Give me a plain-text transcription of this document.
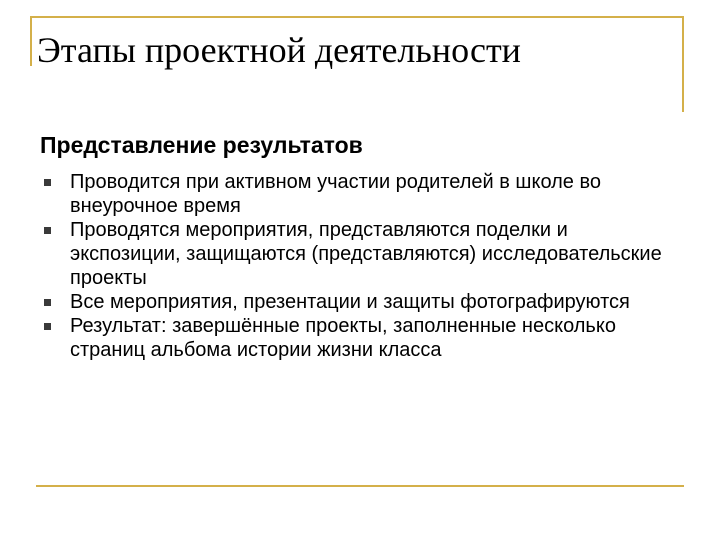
Этапы проектной деятельности
Представление результатов
Проводится при активном участии родителей в школе во внеурочное время
Проводятся мероприятия, представляются поделки и экспозиции, защищаются (представляются) исследовательские проекты
Все мероприятия, презентации и защиты фотографируются
Результат: завершённые проекты, заполненные несколько страниц альбома истории жизни класса
